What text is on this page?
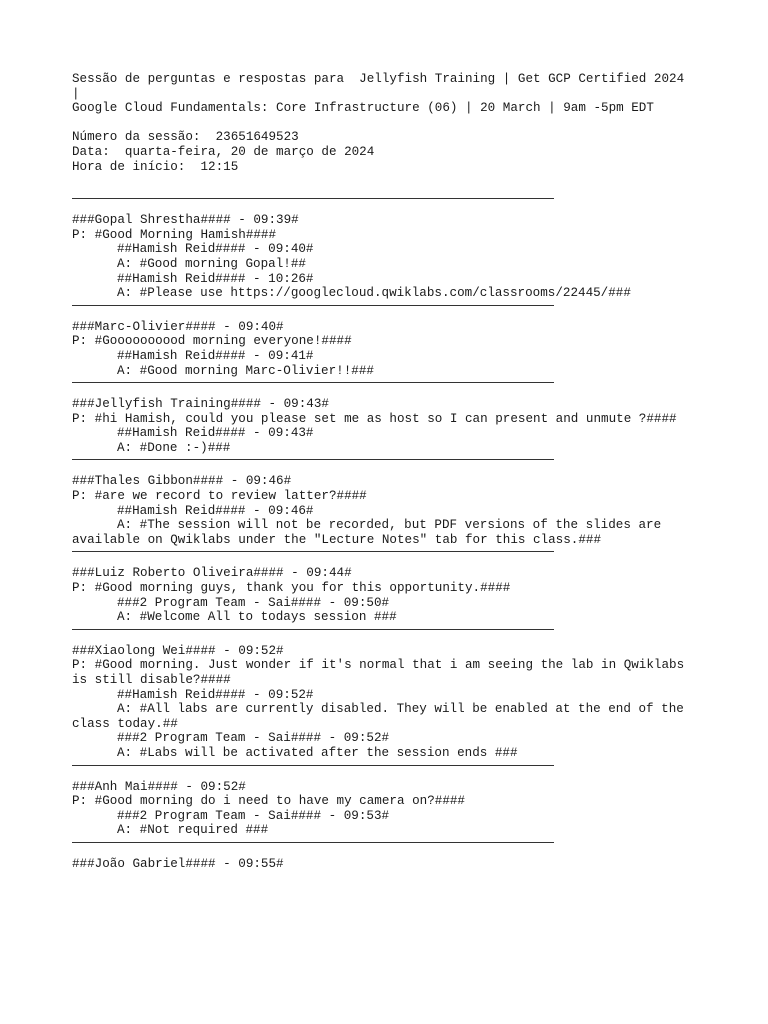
Sessão de perguntas e respostas para  Jellyfish Training | Get GCP Certified 2024 |
Google Cloud Fundamentals: Core Infrastructure (06) | 20 March | 9am -5pm EDT
Número da sessão:  23651649523
Data:  quarta-feira, 20 de março de 2024
Hora de início:  12:15
###Gopal Shrestha#### - 09:39#
P: #Good Morning Hamish####
##Hamish Reid#### - 09:40#
A: #Good morning Gopal!##
##Hamish Reid#### - 10:26#
A: #Please use https://googlecloud.qwiklabs.com/classrooms/22445/###
###Marc-Olivier#### - 09:40#
P: #Goooooooood morning everyone!####
##Hamish Reid#### - 09:41#
A: #Good morning Marc-Olivier!!###
###Jellyfish Training#### - 09:43#
P: #hi Hamish, could you please set me as host so I can present and unmute ?####
##Hamish Reid#### - 09:43#
A: #Done :-)###
###Thales Gibbon#### - 09:46#
P: #are we record to review latter?####
##Hamish Reid#### - 09:46#
A: #The session will not be recorded, but PDF versions of the slides are
available on Qwiklabs under the "Lecture Notes" tab for this class.###
###Luiz Roberto Oliveira#### - 09:44#
P: #Good morning guys, thank you for this opportunity.####
###2 Program Team - Sai#### - 09:50#
A: #Welcome All to todays session ###
###Xiaolong Wei#### - 09:52#
P: #Good morning. Just wonder if it's normal that i am seeing the lab in Qwiklabs
is still disable?####
##Hamish Reid#### - 09:52#
A: #All labs are currently disabled. They will be enabled at the end of the
class today.##
###2 Program Team - Sai#### - 09:52#
A: #Labs will be activated after the session ends ###
###Anh Mai#### - 09:52#
P: #Good morning do i need to have my camera on?####
###2 Program Team - Sai#### - 09:53#
A: #Not required ###
###João Gabriel#### - 09:55#
